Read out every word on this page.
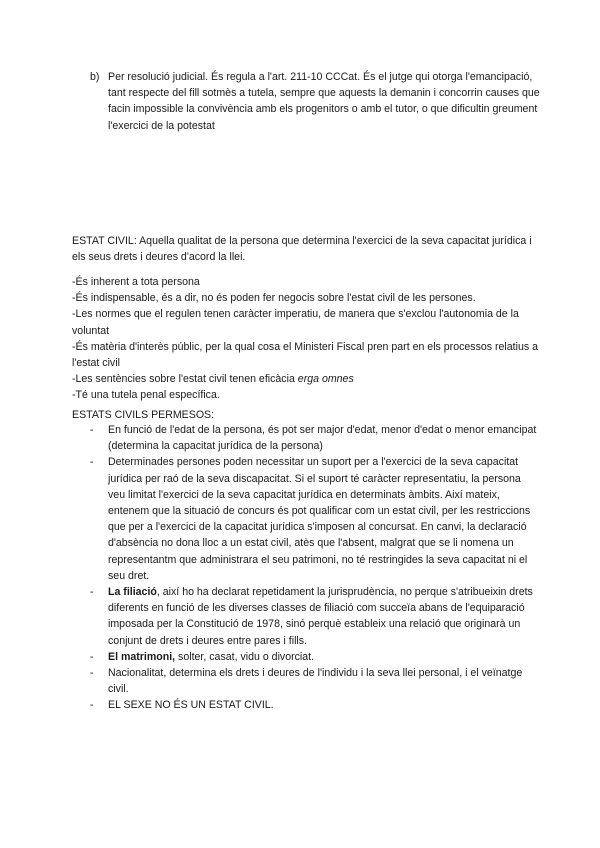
b) Per resolució judicial. És regula a l'art. 211-10 CCCat. És el jutge qui otorga l'emancipació, tant respecte del fill sotmès a tutela, sempre que aquests la demanin i concorrin causes que facin impossible la convivència amb els progenitors o amb el tutor, o que dificultin greument l'exercici de la potestat
ESTAT CIVIL: Aquella qualitat de la persona que determina l'exercici de la seva capacitat jurídica i els seus drets i deures d'acord la llei.

-És inherent a tota persona

-És indispensable, és a dir, no és poden fer negocis sobre l'estat civil de les persones.

-Les normes que el regulen tenen caràcter imperatiu, de manera que s'exclou l'autonomia de la voluntat

-És matèria d'interès públic, per la qual cosa el Ministeri Fiscal pren part en els processos relatius a l'estat civil

-Les sentències sobre l'estat civil tenen eficàcia erga omnes

-Té una tutela penal específica.

ESTATS CIVILS PERMESOS:
- En funció de l'edat de la persona, és pot ser major d'edat, menor d'edat o menor emancipat (determina la capacitat jurídica de la persona)
- Determinades persones poden necessitar un suport per a l'exercici de la seva capacitat jurídica per raó de la seva discapacitat. Si el suport té caràcter representatiu, la persona veu limitat l'exercici de la seva capacitat jurídica en determinats àmbits. Així mateix, entenem que la situació de concurs és pot qualificar com un estat civil, per les restriccions que per a l'exercici de la capacitat jurídica s'imposen al concursat. En canvi, la declaració d'absència no dona lloc a un estat civil, atès que l'absent, malgrat que se li nomena un representantm que administrara el seu patrimoni, no té restringides la seva capacitat ni el seu dret.
- La filiació, així ho ha declarat repetidament la jurisprudència, no perque s'atribueixin drets diferents en funció de les diverses classes de filiació com succeïa abans de l'equiparació imposada per la Constitució de 1978, sinó perquè estableix una relació que originarà un conjunt de drets i deures entre pares i fills.
- El matrimoni, solter, casat, vidu o divorciat.
- Nacionalitat, determina els drets i deures de l'individu i la seva llei personal, i el veïnatge civil.
- EL SEXE NO ÉS UN ESTAT CIVIL.
